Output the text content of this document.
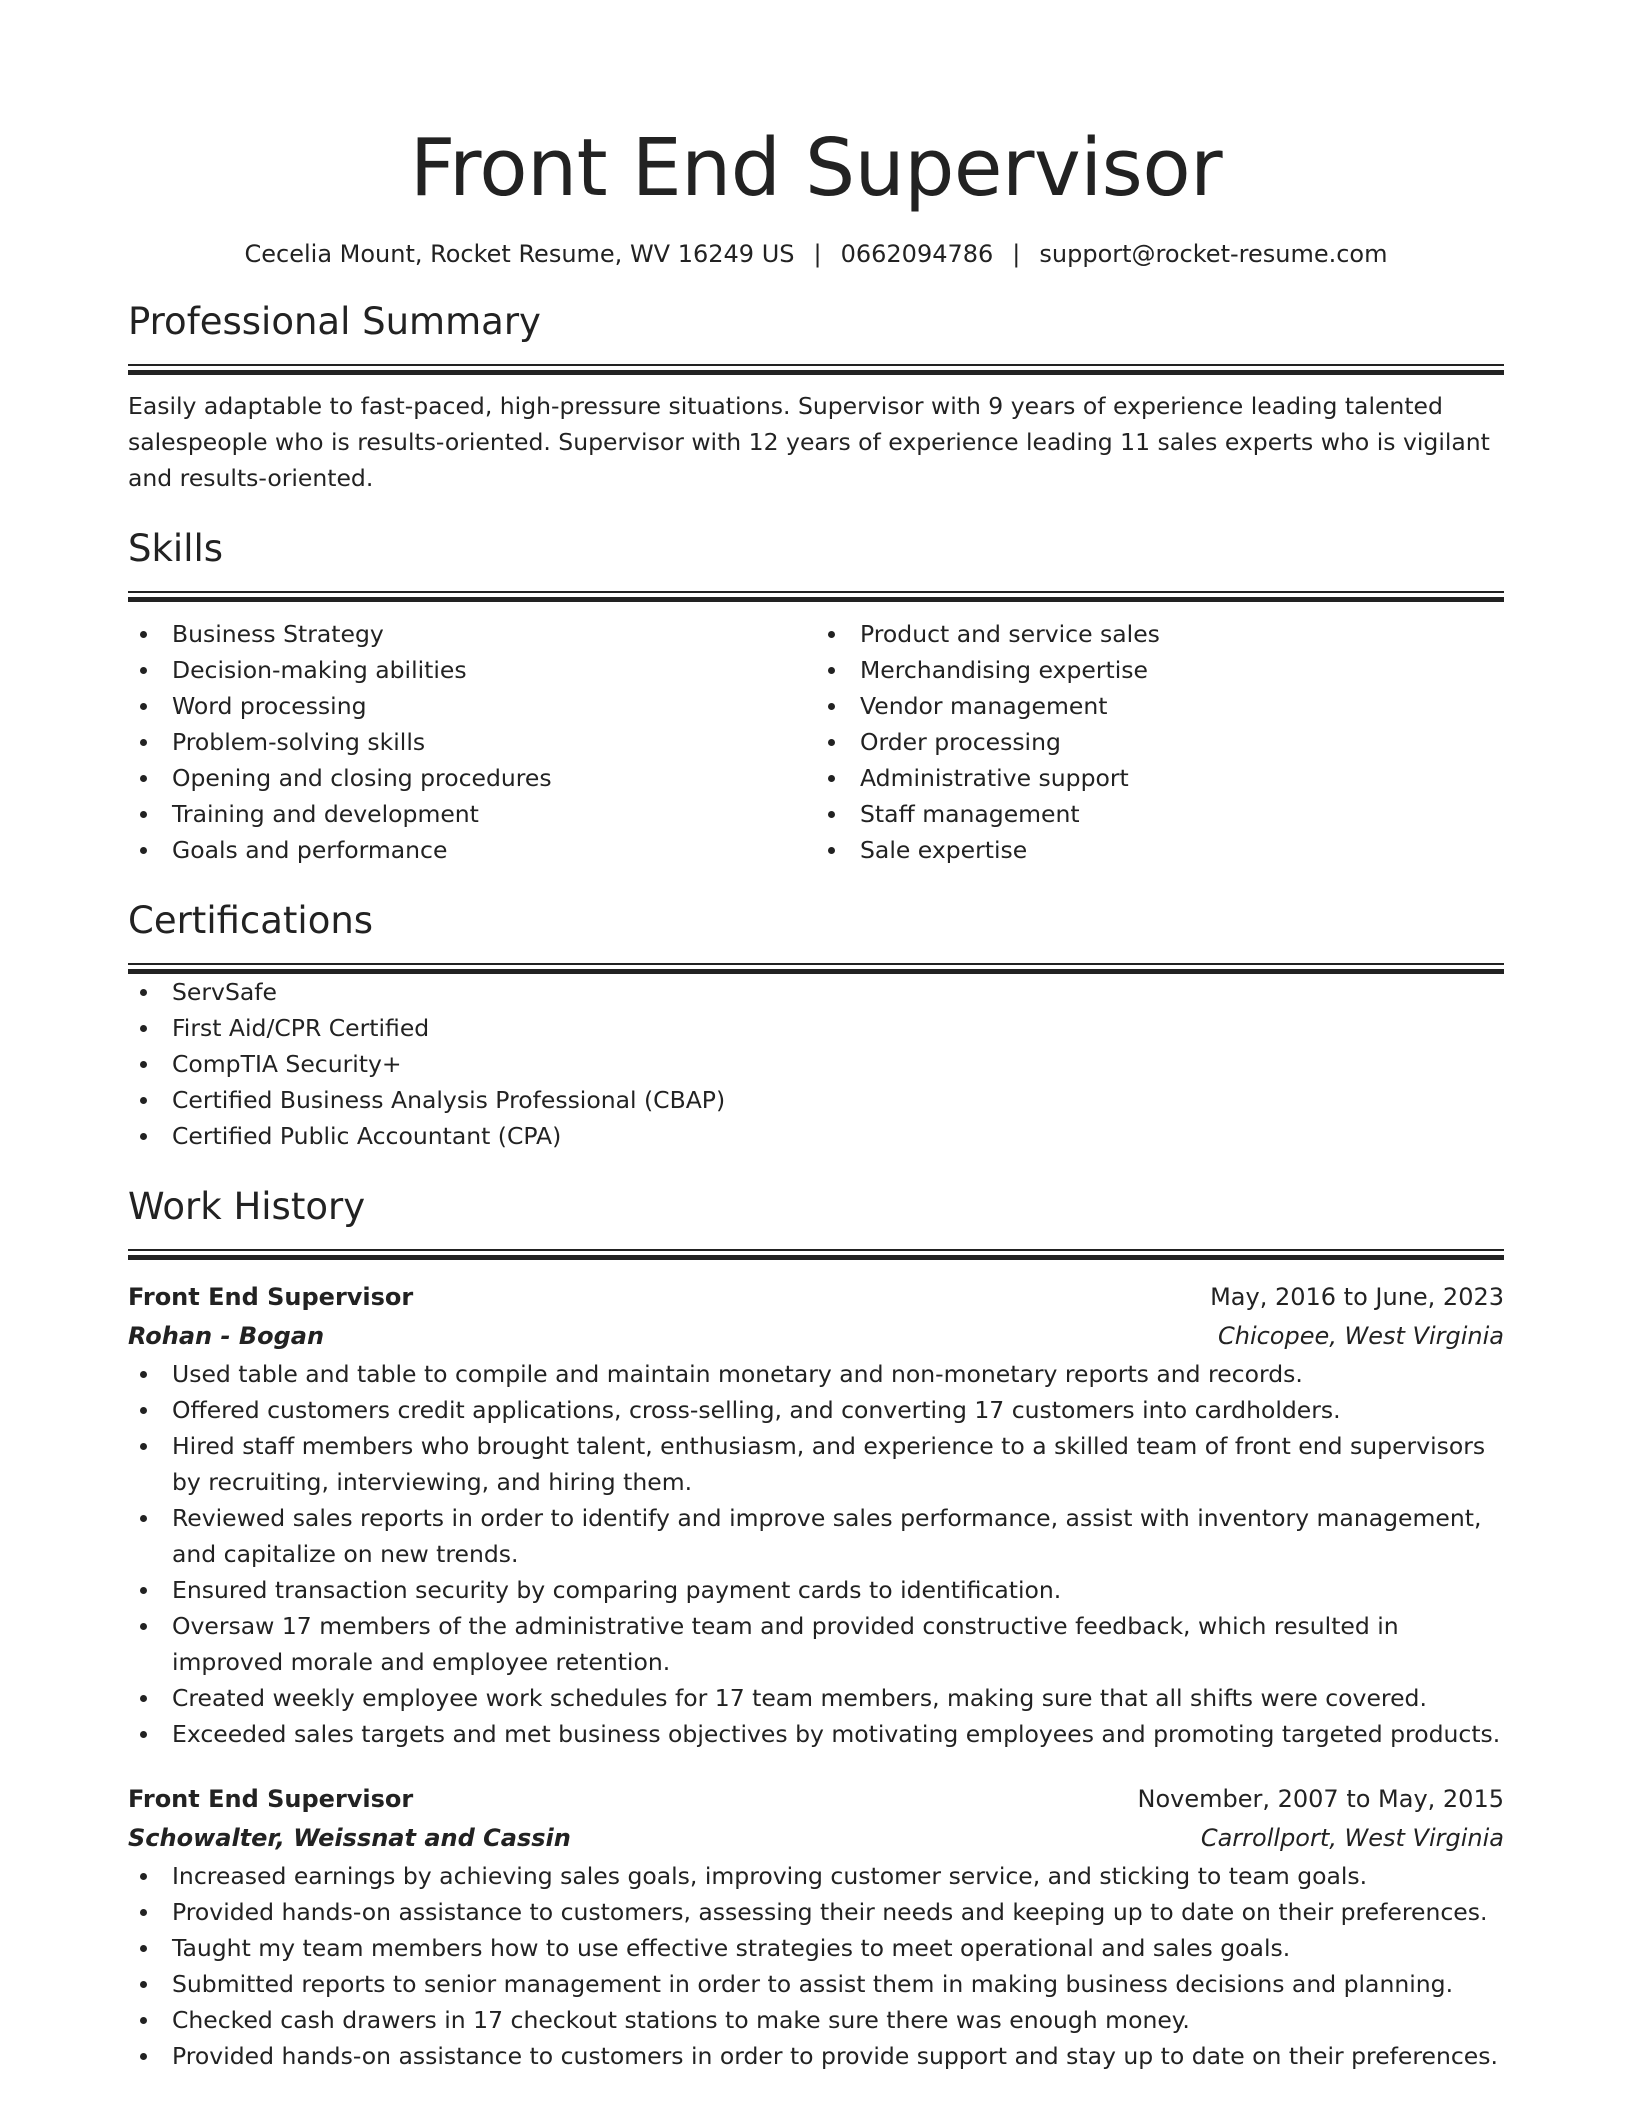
Front End Supervisor
Cecelia Mount, Rocket Resume, WV 16249 US | 0662094786 | support@rocket-resume.com
Professional Summary

Easily adaptable to fast-paced, high-pressure situations. Supervisor with 9 years of experience leading talented salespeople who is results-oriented. Supervisor with 12 years of experience leading 11 sales experts who is vigilant and results-oriented.

Skills
Business Strategy
Decision-making abilities
Word processing
Problem-solving skills
Opening and closing procedures
Training and development
Goals and performance
Product and service sales
Merchandising expertise
Vendor management
Order processing
Administrative support
Staff management
Sale expertise
Certifications
ServSafe
First Aid/CPR Certified
CompTIA Security+
Certified Business Analysis Professional (CBAP)
Certified Public Accountant (CPA)
Work History
Front End Supervisor	May, 2016 to June, 2023
Rohan - Bogan	Chicopee, West Virginia
Used table and table to compile and maintain monetary and non-monetary reports and records.
Offered customers credit applications, cross-selling, and converting 17 customers into cardholders.
Hired staff members who brought talent, enthusiasm, and experience to a skilled team of front end supervisors by recruiting, interviewing, and hiring them.
Reviewed sales reports in order to identify and improve sales performance, assist with inventory management, and capitalize on new trends.
Ensured transaction security by comparing payment cards to identification.
Oversaw 17 members of the administrative team and provided constructive feedback, which resulted in improved morale and employee retention.
Created weekly employee work schedules for 17 team members, making sure that all shifts were covered.
Exceeded sales targets and met business objectives by motivating employees and promoting targeted products.
Front End Supervisor	November, 2007 to May, 2015
Schowalter, Weissnat and Cassin	Carrollport, West Virginia
Increased earnings by achieving sales goals, improving customer service, and sticking to team goals.
Provided hands-on assistance to customers, assessing their needs and keeping up to date on their preferences.
Taught my team members how to use effective strategies to meet operational and sales goals.
Submitted reports to senior management in order to assist them in making business decisions and planning.
Checked cash drawers in 17 checkout stations to make sure there was enough money.
Provided hands-on assistance to customers in order to provide support and stay up to date on their preferences.
